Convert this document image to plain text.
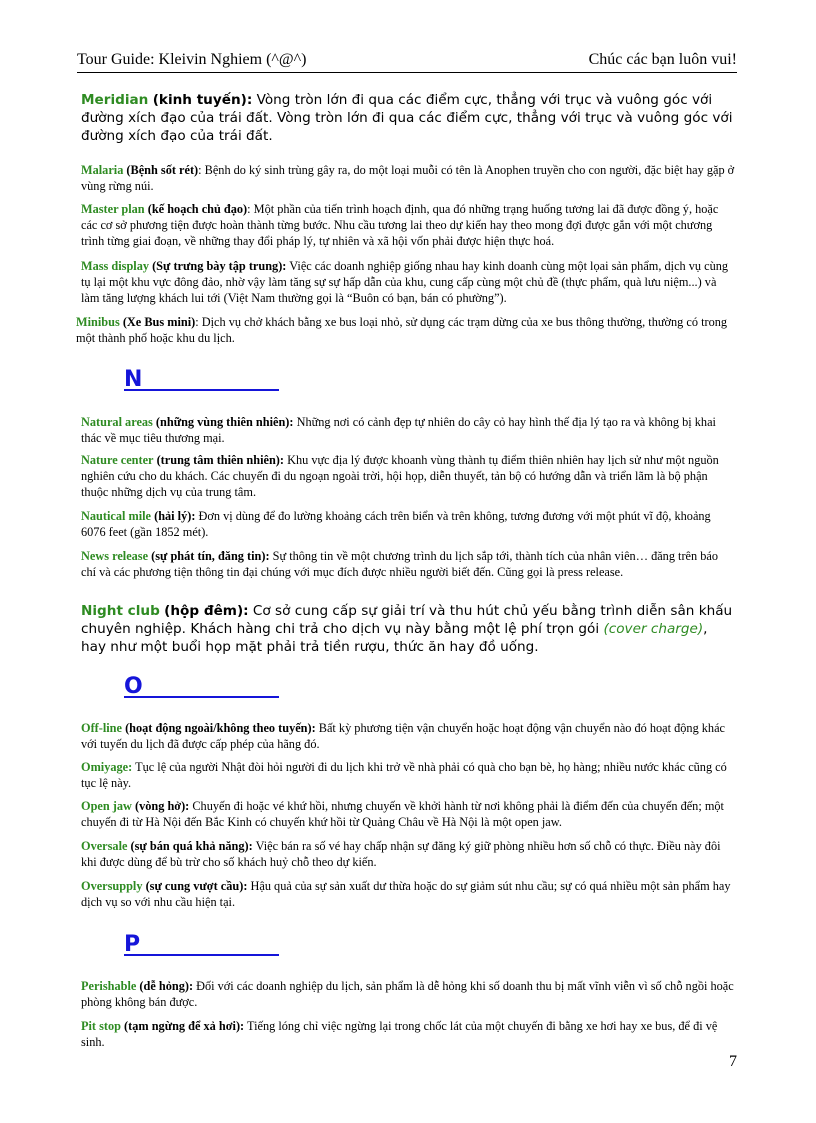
Tour Guide: Kleivin Nghiem (^@^)	Chúc các bạn luôn vui!
Meridian (kinh tuyến): Vòng tròn lớn đi qua các điểm cực, thẳng với trục và vuông góc với đường xích đạo của trái đất. Vòng tròn lớn đi qua các điểm cực, thẳng với trục và vuông góc với đường xích đạo của trái đất.
Malaria (Bệnh sốt rét): Bệnh do ký sinh trùng gây ra, do một loại muỗi có tên là Anophen truyền cho con người, đặc biệt hay gặp ở vùng rừng núi.
Master plan (kế hoạch chủ đạo): Một phần của tiến trình hoạch định, qua đó những trạng huống tương lai đã được đồng ý, hoặc các cơ sở phương tiện được hoàn thành từng bước. Nhu cầu tương lai theo dự kiến hay theo mong đợi được gắn với một chương trình từng giai đoạn, về những thay đổi pháp lý, tự nhiên và xã hội vốn phải được hiện thực hoá.
Mass display (Sự trưng bày tập trung): Việc các doanh nghiệp giống nhau hay kinh doanh cùng một lọai sản phẩm, dịch vụ cùng tụ lại một khu vực đông đảo, nhờ vậy làm tăng sự sự hấp dẫn của khu, cung cấp cùng một chủ đề (thực phẩm, quà lưu niệm...) và làm tăng lượng khách lui tới (Việt Nam thường gọi là “Buôn có bạn, bán có phường”).
Minibus (Xe Bus mini): Dịch vụ chở khách bằng xe bus loại nhỏ, sử dụng các trạm dừng của xe bus thông thường, thường có trong một thành phố hoặc khu du lịch.
N
Natural areas (những vùng thiên nhiên): Những nơi có cảnh đẹp tự nhiên do cây cỏ hay hình thế địa lý tạo ra và không bị khai thác về mục tiêu thương mại.
Nature center (trung tâm thiên nhiên): Khu vực địa lý được khoanh vùng thành tụ điểm thiên nhiên hay lịch sử như một nguồn nghiên cứu cho du khách. Các chuyến đi du ngoạn ngoài trời, hội họp, diễn thuyết, tản bộ có hướng dẫn và triển lãm là bộ phận thuộc những dịch vụ của trung tâm.
Nautical mile (hải lý): Đơn vị dùng để đo lường khoảng cách trên biển và trên không, tương đương với một phút vĩ độ, khoảng 6076 feet (gần 1852 mét).
News release (sự phát tín, đăng tin): Sự thông tin về một chương trình du lịch sắp tới, thành tích của nhân viên… đăng trên báo chí và các phương tiện thông tin đại chúng với mục đích được nhiều người biết đến. Cũng gọi là press release.
Night club (hộp đêm): Cơ sở cung cấp sự giải trí và thu hút chủ yếu bằng trình diễn sân khấu chuyên nghiệp. Khách hàng chi trả cho dịch vụ này bằng một lệ phí trọn gói (cover charge), hay như một buổi họp mặt phải trả tiền rượu, thức ăn hay đồ uống.
O
Off-line (hoạt động ngoài/không theo tuyến): Bất kỳ phương tiện vận chuyển hoặc hoạt động vận chuyển nào đó hoạt động khác với tuyến du lịch đã được cấp phép của hãng đó.
Omiyage: Tục lệ của người Nhật đòi hỏi người đi du lịch khi trở về nhà phải có quà cho bạn bè, họ hàng; nhiều nước khác cũng có tục lệ này.
Open jaw (vòng hở): Chuyến đi hoặc vé khứ hồi, nhưng chuyến về khởi hành từ nơi không phải là điểm đến của chuyến đến; một chuyến đi từ Hà Nội đến Bắc Kinh có chuyến khứ hồi từ Quảng Châu về Hà Nội là một open jaw.
Oversale (sự bán quá khả năng): Việc bán ra số vé hay chấp nhận sự đăng ký giữ phòng nhiều hơn số chỗ có thực. Điều này đôi khi được dùng để bù trừ cho số khách huỷ chỗ theo dự kiến.
Oversupply (sự cung vượt cầu): Hậu quả của sự sản xuất dư thừa hoặc do sự giảm sút nhu cầu; sự có quá nhiều một sản phẩm hay dịch vụ so với nhu cầu hiện tại.
P
Perishable (dễ hỏng): Đối với các doanh nghiệp du lịch, sản phẩm là dễ hỏng khi số doanh thu bị mất vĩnh viễn vì số chỗ ngồi hoặc phòng không bán được.
Pit stop (tạm ngừng để xả hơi): Tiếng lóng chỉ việc ngừng lại trong chốc lát của một chuyến đi bằng xe hơi hay xe bus, để đi vệ sinh.
7
